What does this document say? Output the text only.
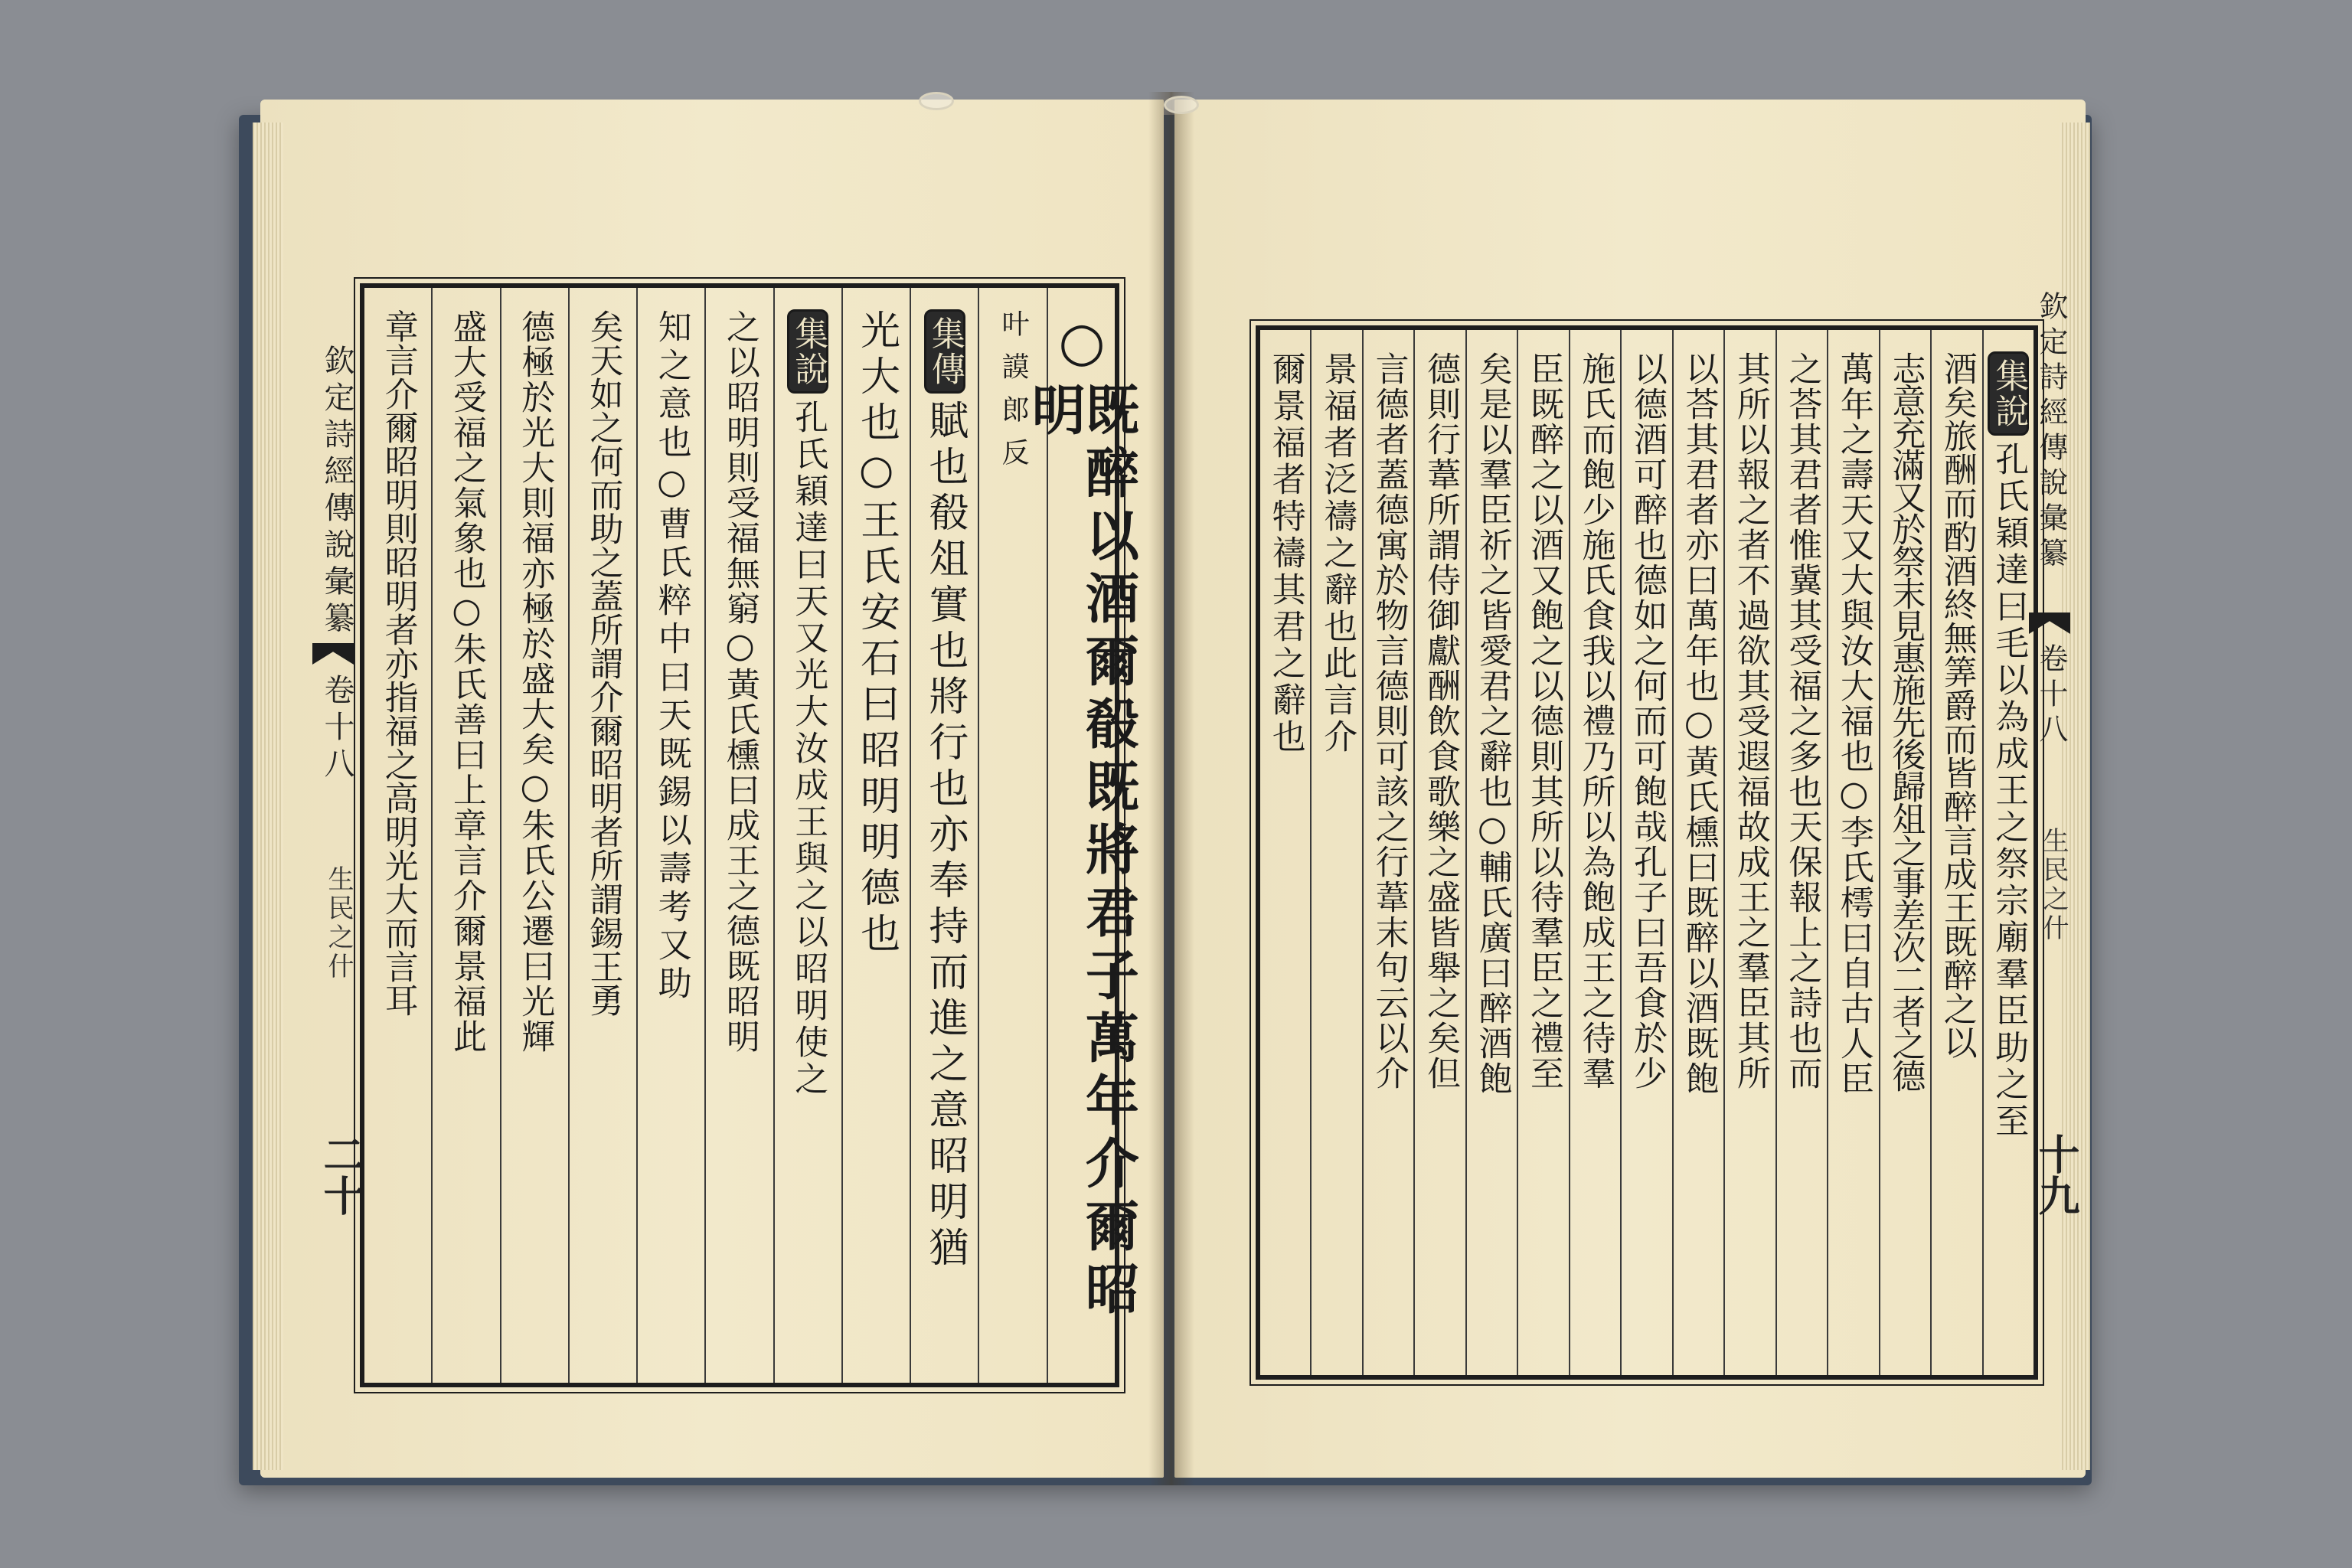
欽定詩經傳說彙纂
卷十八
生民之什
二十
○
既醉以酒爾殽既將君子萬年介爾昭明
叶謨郎反
集傳
賦也殽俎實也將行也亦奉持而進之意昭明猶
光大也○王氏安石曰昭明明德也
集說
孔氏穎達曰天又光大汝成王與之以昭明使之
之以昭明則受福無窮○黃氏櫄曰成王之德既昭明
知之意也○曹氏粹中曰天既錫以壽考又助
矣天如之何而助之蓋所謂介爾昭明者所謂錫王勇
德極於光大則福亦極於盛大矣○朱氏公遷曰光輝
盛大受福之氣象也○朱氏善曰上章言介爾景福此
章言介爾昭明則昭明者亦指福之高明光大而言耳	集說
孔氏穎達曰毛以為成王之祭宗廟羣臣助之至
酒矣旅酬而酌酒終無筭爵而皆醉言成王既醉之以
志意充滿又於祭末見惠施先後歸俎之事差次二者之德
萬年之壽天又大與汝大福也○李氏樗曰自古人臣
之荅其君者惟冀其受福之多也天保報上之詩也而
其所以報之者不過欲其受遐福故成王之羣臣其所
以荅其君者亦曰萬年也○黃氏櫄曰既醉以酒既飽
以德酒可醉也德如之何而可飽哉孔子曰吾食於少
施氏而飽少施氏食我以禮乃所以為飽成王之待羣
臣既醉之以酒又飽之以德則其所以待羣臣之禮至
矣是以羣臣祈之皆愛君之辭也○輔氏廣曰醉酒飽
德則行葦所謂侍御獻酬飲食歌樂之盛皆舉之矣但
言德者蓋德寓於物言德則可該之行葦末句云以介
景福者泛禱之辭也此言介
爾景福者特禱其君之辭也	欽定詩經傳說彙纂
卷十八
生民之什
十九
